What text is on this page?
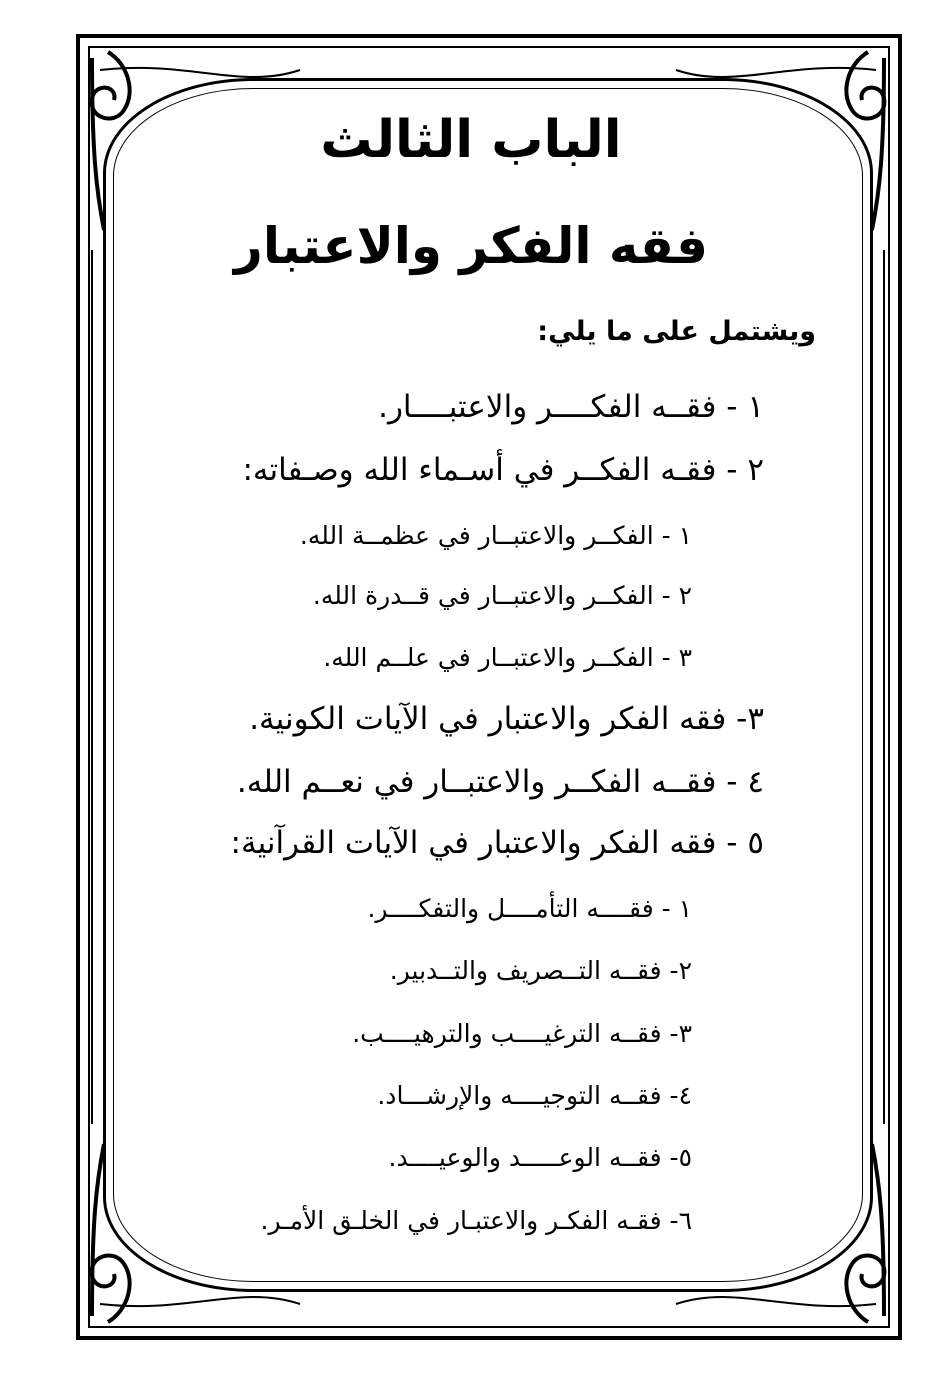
الباب الثالث
فقه الفكر والاعتبار
ويشتمل على ما يلي:
١ - فقــه الفكــــر والاعتبــــار.
٢ - فقـه الفكــر في أسـماء الله وصـفاته:
١ - الفكــر والاعتبــار في عظمــة الله.
٢ - الفكــر والاعتبــار في قــدرة الله.
٣ - الفكــر والاعتبــار في علــم الله.
٣- فقه الفكر والاعتبار في الآيات الكونية.
٤ - فقــه الفكــر والاعتبــار في نعــم الله.
٥ - فقه الفكر والاعتبار في الآيات القرآنية:
١ - فقــــه التأمــــل والتفكــــر.
٢- فقــه التــصريف والتــدبير.
٣- فقــه الترغيــــب والترهيــــب.
٤- فقــه التوجيــــه والإرشـــاد.
٥- فقــه الوعـــــد والوعيــــد.
٦- فقـه الفكـر والاعتبـار في الخلـق الأمـر.
